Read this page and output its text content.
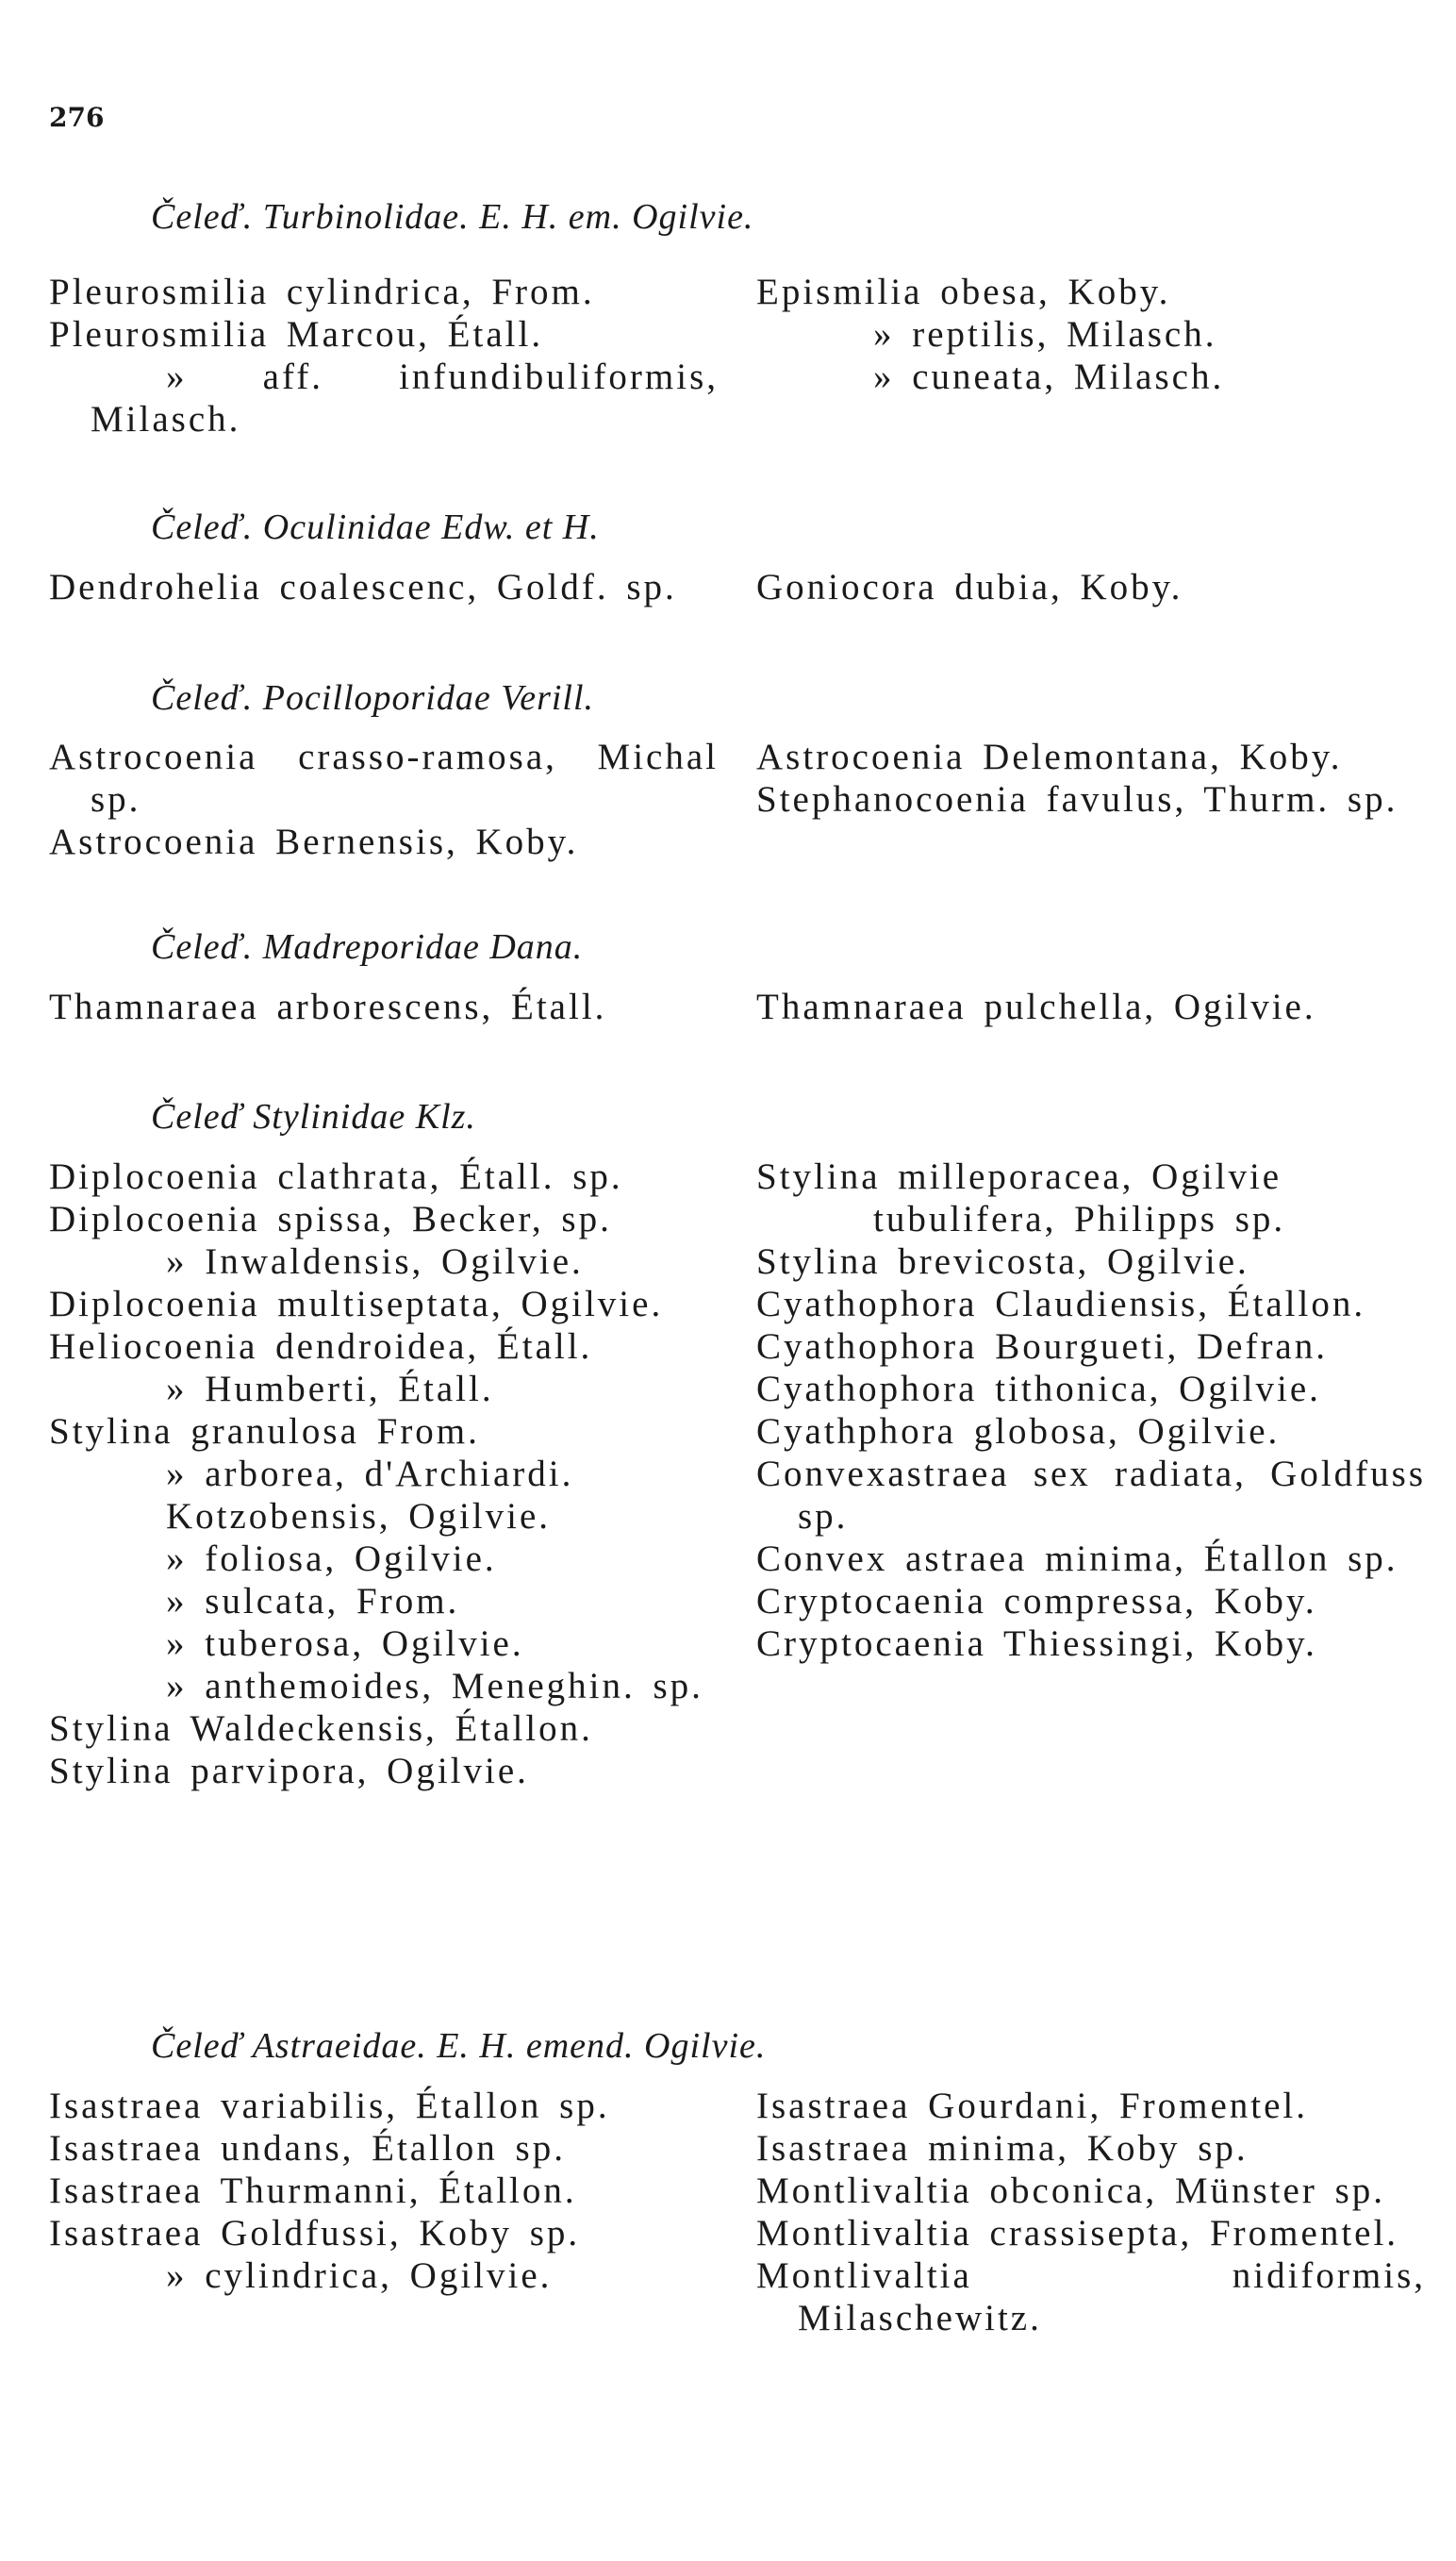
276
Čeleď. Turbinolidae. E. H. em. Ogilvie.

Pleurosmilia cylindrica, From.

Pleurosmilia Marcou, Étall.

» aff. infundibuliformis, Milasch.

Epismilia obesa, Koby.

» reptilis, Milasch.

» cuneata, Milasch.

Čeleď. Oculinidae Edw. et H.

Dendrohelia coalescenc, Goldf. sp.	Goniocora dubia, Koby.

Čeleď. Pocilloporidae Verill.

Astrocoenia crasso-ramosa, Michal sp.

Astrocoenia Bernensis, Koby.

Astrocoenia Delemontana, Koby.

Stephanocoenia favulus, Thurm. sp.

Čeleď. Madreporidae Dana.

Thamnaraea arborescens, Étall.	Thamnaraea pulchella, Ogilvie.

Čeleď Stylinidae Klz.

Diplocoenia clathrata, Étall. sp.

Diplocoenia spissa, Becker, sp.

» Inwaldensis, Ogilvie.

Diplocoenia multiseptata, Ogilvie.

Heliocoenia dendroidea, Étall.

» Humberti, Étall.

Stylina granulosa From.

» arborea, d'Archiardi.

Kotzobensis, Ogilvie.

» foliosa, Ogilvie.

» sulcata, From.

» tuberosa, Ogilvie.

» anthemoides, Meneghin. sp.

Stylina Waldeckensis, Étallon.

Stylina parvipora, Ogilvie.

Stylina milleporacea, Ogilvie

tubulifera, Philipps sp.

Stylina brevicosta, Ogilvie.

Cyathophora Claudiensis, Étallon.

Cyathophora Bourgueti, Defran.

Cyathophora tithonica, Ogilvie.

Cyathphora globosa, Ogilvie.

Convexastraea sex radiata, Goldfuss sp.

Convex astraea minima, Étallon sp.

Cryptocaenia compressa, Koby.

Cryptocaenia Thiessingi, Koby.

Čeleď Astraeidae. E. H. emend. Ogilvie.

Isastraea variabilis, Étallon sp.

Isastraea undans, Étallon sp.

Isastraea Thurmanni, Étallon.

Isastraea Goldfussi, Koby sp.

» cylindrica, Ogilvie.

Isastraea Gourdani, Fromentel.

Isastraea minima, Koby sp.

Montlivaltia obconica, Münster sp.

Montlivaltia crassisepta, Fromentel.

Montlivaltia nidiformis, Milaschewitz.
